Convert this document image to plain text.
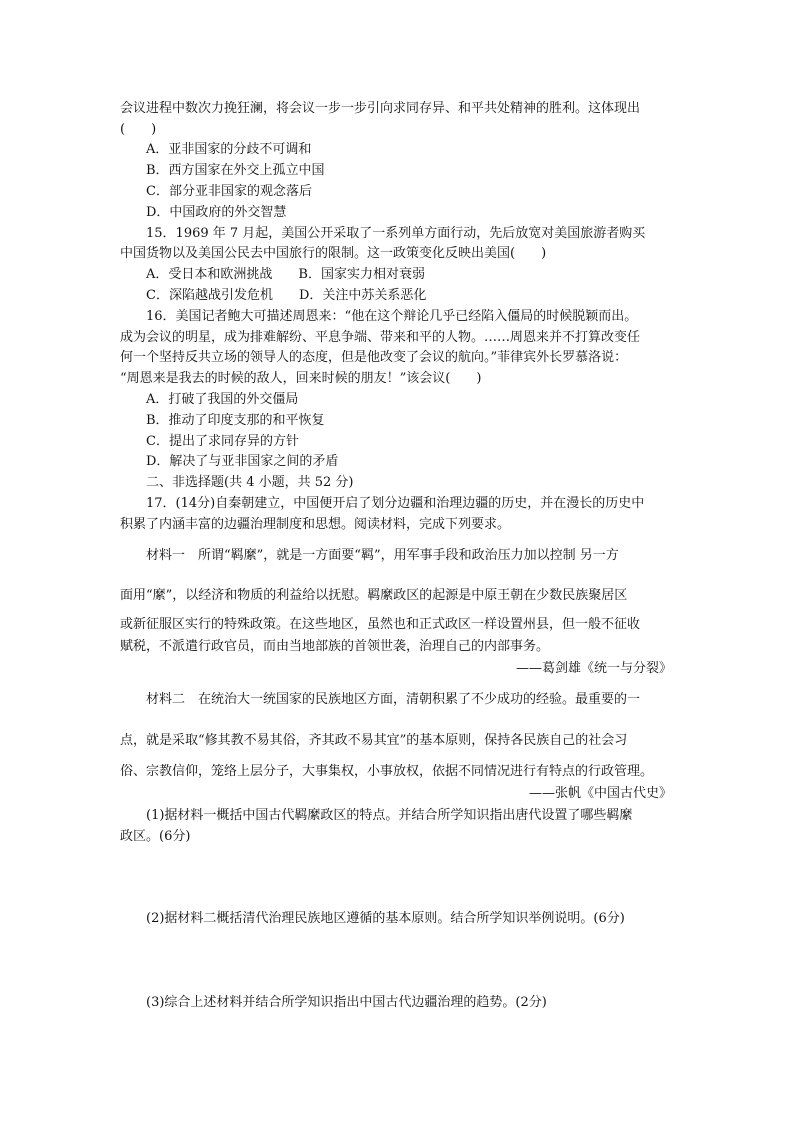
会议进程中数次力挽狂澜，将会议一步一步引向求同存异、和平共处精神的胜利。这体现出
(　　)
A．亚非国家的分歧不可调和
B．西方国家在外交上孤立中国
C．部分亚非国家的观念落后
D．中国政府的外交智慧
15．1969 年 7 月起，美国公开采取了一系列单方面行动，先后放宽对美国旅游者购买
中国货物以及美国公民去中国旅行的限制。这一政策变化反映出美国(　　)
A．受日本和欧洲挑战　　B．国家实力相对衰弱
C．深陷越战引发危机　　D．关注中苏关系恶化
16．美国记者鲍大可描述周恩来：“他在这个辩论几乎已经陷入僵局的时候脱颖而出。
成为会议的明星，成为排难解纷、平息争端、带来和平的人物。……周恩来并不打算改变任
何一个坚持反共立场的领导人的态度，但是他改变了会议的航向。”菲律宾外长罗慕洛说：
“周恩来是我去的时候的敌人，回来时候的朋友！”该会议(　　)
A．打破了我国的外交僵局
B．推动了印度支那的和平恢复
C．提出了求同存异的方针
D．解决了与亚非国家之间的矛盾
二、非选择题(共 4 小题，共 52 分)
17．(14分)自秦朝建立，中国便开启了划分边疆和治理边疆的历史，并在漫长的历史中
积累了内涵丰富的边疆治理制度和思想。阅读材料，完成下列要求。
材料一　所谓“羁縻”，就是一方面要“羁”，用军事手段和政治压力加以控制 另一方
面用“縻”，以经济和物质的利益给以抚慰。羁縻政区的起源是中原王朝在少数民族聚居区
或新征服区实行的特殊政策。在这些地区，虽然也和正式政区一样设置州县，但一般不征收
赋税，不派遣行政官员，而由当地部族的首领世袭，治理自己的内部事务。
——葛剑雄《统一与分裂》
材料二　在统治大一统国家的民族地区方面，清朝积累了不少成功的经验。最重要的一
点，就是采取“修其教不易其俗，齐其政不易其宜”的基本原则，保持各民族自己的社会习
俗、宗教信仰，笼络上层分子，大事集权，小事放权，依据不同情况进行有特点的行政管理。
——张帆《中国古代史》
(1)据材料一概括中国古代羁縻政区的特点。并结合所学知识指出唐代设置了哪些羁縻
政区。(6分)
(2)据材料二概括清代治理民族地区遵循的基本原则。结合所学知识举例说明。(6分)
(3)综合上述材料并结合所学知识指出中国古代边疆治理的趋势。(2分)
